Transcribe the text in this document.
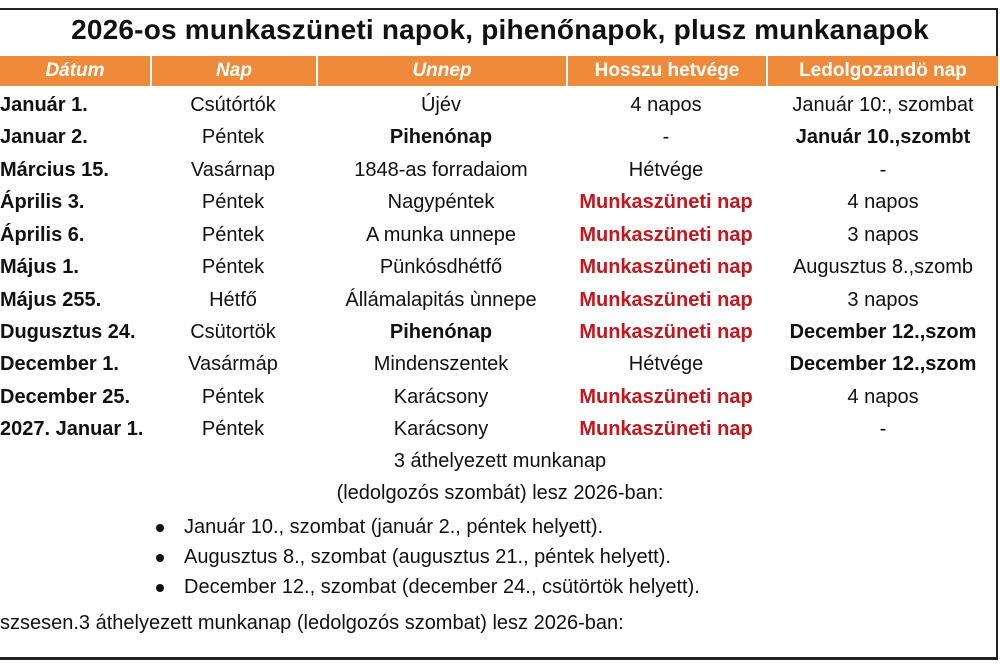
2026-os munkaszüneti napok, pihenőnapok, plusz munkanapok
Dátum	Nap	Unnep	Hosszu hetvége	Ledolgozandö nap
Január 1.	Csútórtók	Újév	4 napos	Január 10:, szombat
Januar 2.	Péntek	Pihenónap	-	Január 10.,szombt
Március 15.	Vasárnap	1848-as forradaiom	Hétvége	-
Április 3.	Péntek	Nagypéntek	Munkaszüneti nap	4 napos
Április 6.	Péntek	A munka unnepe	Munkaszüneti nap	3 napos
Május 1.	Péntek	Pünkósdhétfő	Munkaszüneti nap	Augusztus 8.,szomb
Május 255.	Hétfő	Állámalapitás ùnnepe	Munkaszüneti nap	3 napos
Dugusztus 24.	Csütortök	Pihenónap	Munkaszüneti nap	December 12.,szom
December 1.	Vasármáp	Mindenszentek	Hétvége	December 12.,szom
December 25.	Péntek	Karácsony	Munkaszüneti nap	4 napos
2027. Januar 1.	Péntek	Karácsony	Munkaszüneti nap	-
3 áthelyezett munkanap
(ledolgozós szombát) lesz 2026-ban:
Január 10., szombat (január 2., péntek helyett).
Augusztus 8., szombat (augusztus 21., péntek helyett).
December 12., szombat (december 24., csütörtök helyett).
szsesen.3 áthelyezett munkanap (ledolgozós szombat) lesz 2026-ban:
